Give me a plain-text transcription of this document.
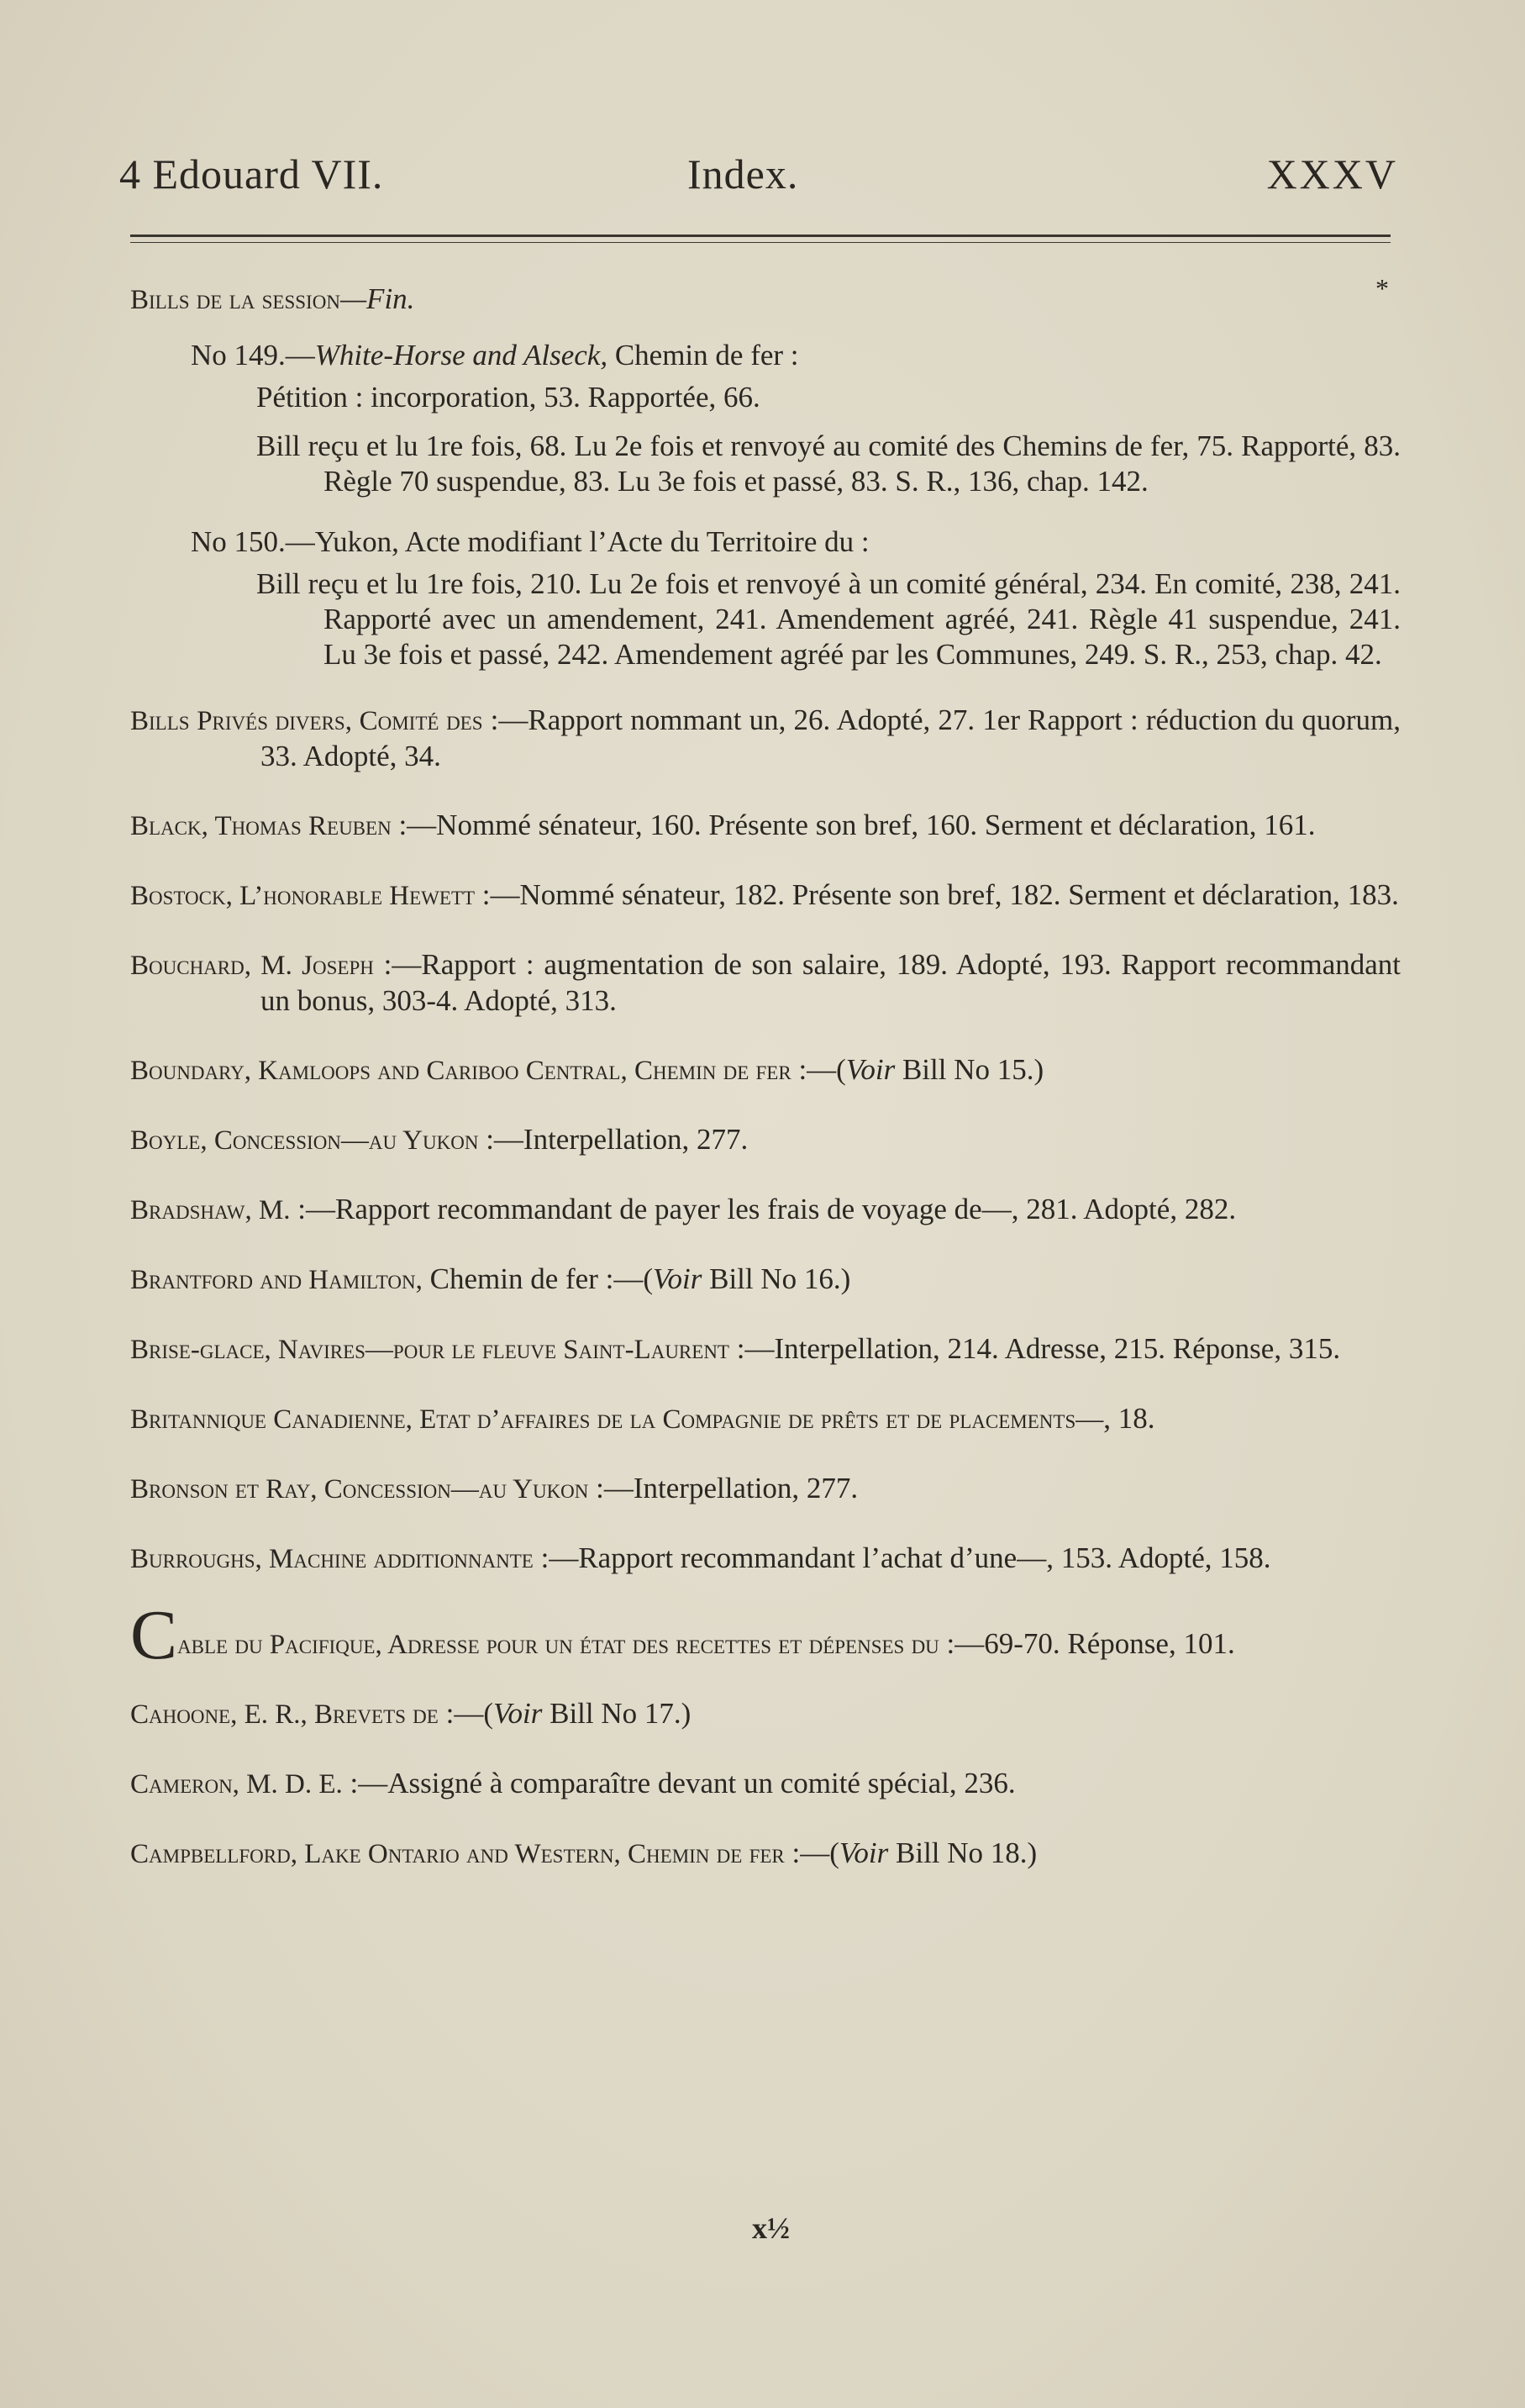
4 Edouard VII.	Index.	XXXV
*
Bills de la session—Fin.
No 149.—White-Horse and Alseck, Chemin de fer :
Pétition : incorporation, 53. Rapportée, 66.
Bill reçu et lu 1re fois, 68. Lu 2e fois et renvoyé au comité des Chemins de fer, 75. Rapporté, 83. Règle 70 suspendue, 83. Lu 3e fois et passé, 83. S. R., 136, chap. 142.
No 150.—Yukon, Acte modifiant l’Acte du Territoire du :
Bill reçu et lu 1re fois, 210. Lu 2e fois et renvoyé à un comité général, 234. En comité, 238, 241. Rapporté avec un amendement, 241. Amendement agréé, 241. Règle 41 suspendue, 241. Lu 3e fois et passé, 242. Amendement agréé par les Communes, 249. S. R., 253, chap. 42.
Bills Privés divers, Comité des :—Rapport nommant un, 26. Adopté, 27. 1er Rapport : réduction du quorum, 33. Adopté, 34.
Black, Thomas Reuben :—Nommé sénateur, 160. Présente son bref, 160. Serment et déclaration, 161.
Bostock, L’honorable Hewett :—Nommé sénateur, 182. Présente son bref, 182. Serment et déclaration, 183.
Bouchard, M. Joseph :—Rapport : augmentation de son salaire, 189. Adopté, 193. Rapport recommandant un bonus, 303-4. Adopté, 313.
Boundary, Kamloops and Cariboo Central, Chemin de fer :—(Voir Bill No 15.)
Boyle, Concession—au Yukon :—Interpellation, 277.
Bradshaw, M. :—Rapport recommandant de payer les frais de voyage de—, 281. Adopté, 282.
Brantford and Hamilton, Chemin de fer :—(Voir Bill No 16.)
Brise-glace, Navires—pour le fleuve Saint-Laurent :—Interpellation, 214. Adresse, 215. Réponse, 315.
Britannique Canadienne, Etat d’affaires de la Compagnie de prêts et de placements—, 18.
Bronson et Ray, Concession—au Yukon :—Interpellation, 277.
Burroughs, Machine additionnante :—Rapport recommandant l’achat d’une—, 153. Adopté, 158.
Cable du Pacifique, Adresse pour un état des recettes et dépenses du :—69-70. Réponse, 101.
Cahoone, E. R., Brevets de :—(Voir Bill No 17.)
Cameron, M. D. E. :—Assigné à comparaître devant un comité spécial, 236.
Campbellford, Lake Ontario and Western, Chemin de fer :—(Voir Bill No 18.)
x½
